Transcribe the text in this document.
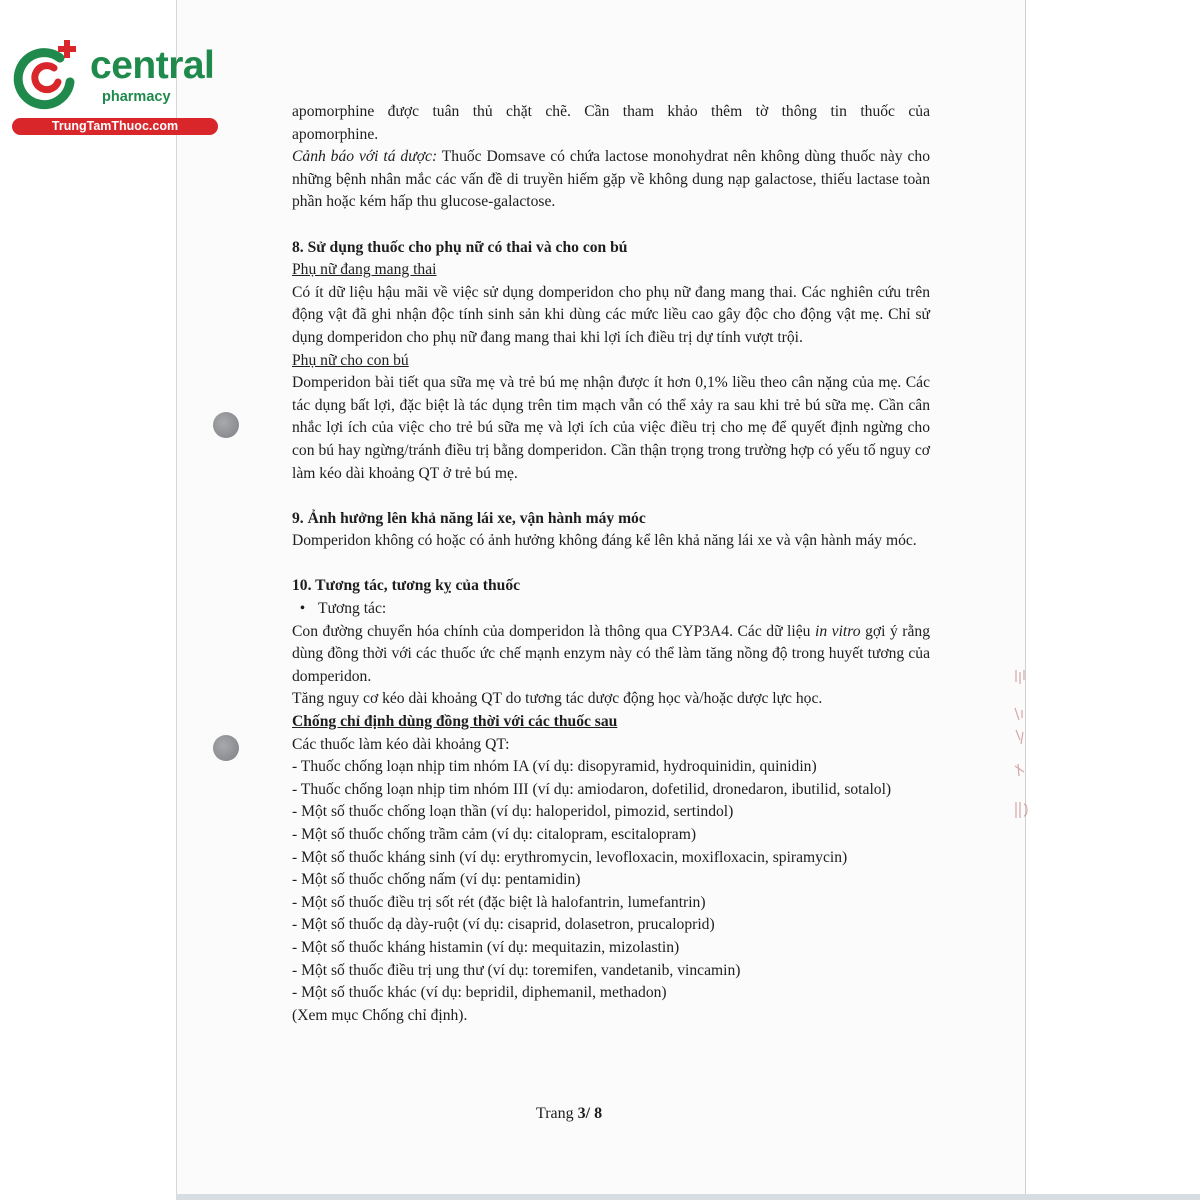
central
pharmacy
TrungTamThuoc.com

apomorphine được tuân thủ chặt chẽ. Cần tham khảo thêm tờ thông tin thuốc của

apomorphine.

Cảnh báo với tá dược: Thuốc Domsave có chứa lactose monohydrat nên không dùng thuốc này cho những bệnh nhân mắc các vấn đề di truyền hiếm gặp về không dung nạp galactose, thiếu lactase toàn phần hoặc kém hấp thu glucose-galactose.

8. Sử dụng thuốc cho phụ nữ có thai và cho con bú

Phụ nữ đang mang thai

Có ít dữ liệu hậu mãi về việc sử dụng domperidon cho phụ nữ đang mang thai. Các nghiên cứu trên động vật đã ghi nhận độc tính sinh sản khi dùng các mức liều cao gây độc cho động vật mẹ. Chỉ sử dụng domperidon cho phụ nữ đang mang thai khi lợi ích điều trị dự tính vượt trội.

Phụ nữ cho con bú

Domperidon bài tiết qua sữa mẹ và trẻ bú mẹ nhận được ít hơn 0,1% liều theo cân nặng của mẹ. Các tác dụng bất lợi, đặc biệt là tác dụng trên tim mạch vẫn có thể xảy ra sau khi trẻ bú sữa mẹ. Cần cân nhắc lợi ích của việc cho trẻ bú sữa mẹ và lợi ích của việc điều trị cho mẹ để quyết định ngừng cho con bú hay ngừng/tránh điều trị bằng domperidon. Cần thận trọng trong trường hợp có yếu tố nguy cơ làm kéo dài khoảng QT ở trẻ bú mẹ.

9. Ảnh hưởng lên khả năng lái xe, vận hành máy móc

Domperidon không có hoặc có ảnh hưởng không đáng kể lên khả năng lái xe và vận hành máy móc.

10. Tương tác, tương kỵ của thuốc

• Tương tác:

Con đường chuyển hóa chính của domperidon là thông qua CYP3A4. Các dữ liệu in vitro gợi ý rằng dùng đồng thời với các thuốc ức chế mạnh enzym này có thể làm tăng nồng độ trong huyết tương của domperidon.

Tăng nguy cơ kéo dài khoảng QT do tương tác dược động học và/hoặc dược lực học.

Chống chỉ định dùng đồng thời với các thuốc sau

Các thuốc làm kéo dài khoảng QT:

- Thuốc chống loạn nhịp tim nhóm IA (ví dụ: disopyramid, hydroquinidin, quinidin)

- Thuốc chống loạn nhịp tim nhóm III (ví dụ: amiodaron, dofetilid, dronedaron, ibutilid, sotalol)

- Một số thuốc chống loạn thần (ví dụ: haloperidol, pimozid, sertindol)

- Một số thuốc chống trầm cảm (ví dụ: citalopram, escitalopram)

- Một số thuốc kháng sinh (ví dụ: erythromycin, levofloxacin, moxifloxacin, spiramycin)

- Một số thuốc chống nấm (ví dụ: pentamidin)

- Một số thuốc điều trị sốt rét (đặc biệt là halofantrin, lumefantrin)

- Một số thuốc dạ dày-ruột (ví dụ: cisaprid, dolasetron, prucaloprid)

- Một số thuốc kháng histamin (ví dụ: mequitazin, mizolastin)

- Một số thuốc điều trị ung thư (ví dụ: toremifen, vandetanib, vincamin)

- Một số thuốc khác (ví dụ: bepridil, diphemanil, methadon)

(Xem mục Chống chỉ định).

Trang 3/ 8
